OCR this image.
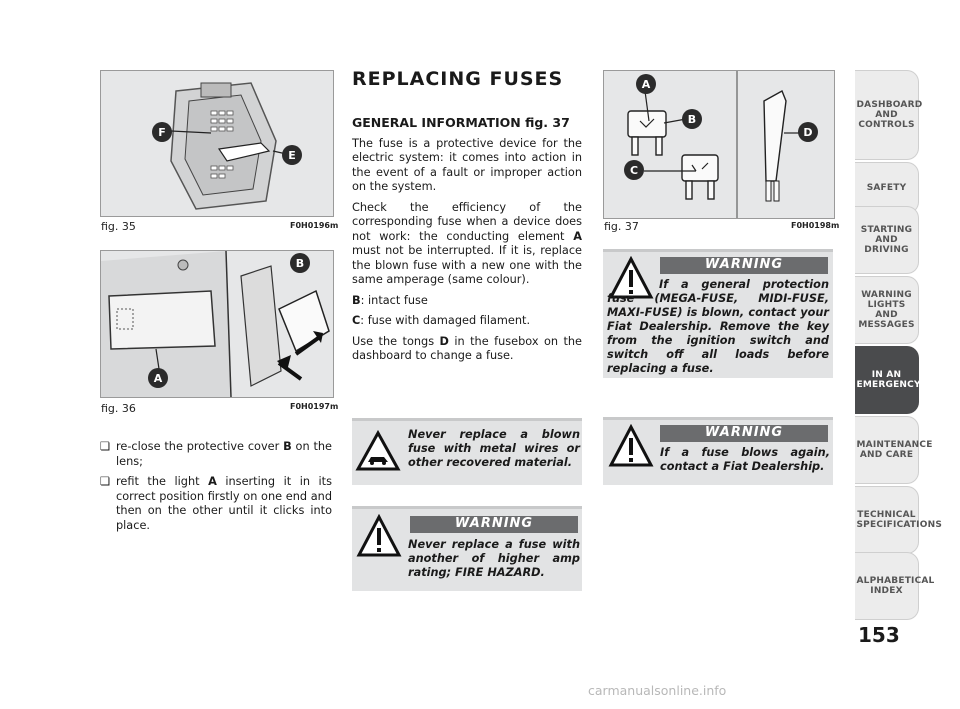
F
E
fig. 35	F0H0196m
B
A
fig. 36	F0H0197m
❏ re-close the protective cover B on the lens;
❏ refit the light A inserting it in its correct position firstly on one end and then on the other until it clicks into place.
REPLACING FUSES
GENERAL INFORMATION fig. 37

The fuse is a protective device for the electric system: it comes into action in the event of a fault or improper action on the system.

Check the efficiency of the corresponding fuse when a device does not work: the conducting element A must not be interrupted. If it is, replace the blown fuse with a new one with the same amperage (same colour).

B: intact fuse

C: fuse with damaged filament.

Use the tongs D in the fusebox on the dashboard to change a fuse.

Never replace a blown fuse with metal wires or other recovered material.
WARNING
Never replace a fuse with another of higher amp rating; FIRE HAZARD.
A
B
C
D
fig. 37	F0H0198m
WARNING
If a general protection fuse (MEGA-FUSE, MIDI-FUSE, MAXI-FUSE) is blown, contact your Fiat Dealership. Remove the key from the ignition switch and switch off all loads before replacing a fuse.
WARNING
If a fuse blows again, contact a Fiat Dealership.
DASHBOARD AND CONTROLS
SAFETY
STARTING AND DRIVING
WARNING LIGHTS AND MESSAGES
IN AN EMERGENCY
MAINTENANCE AND CARE
TECHNICAL SPECIFICATIONS
ALPHABETICAL INDEX
153
carmanualsonline.info
